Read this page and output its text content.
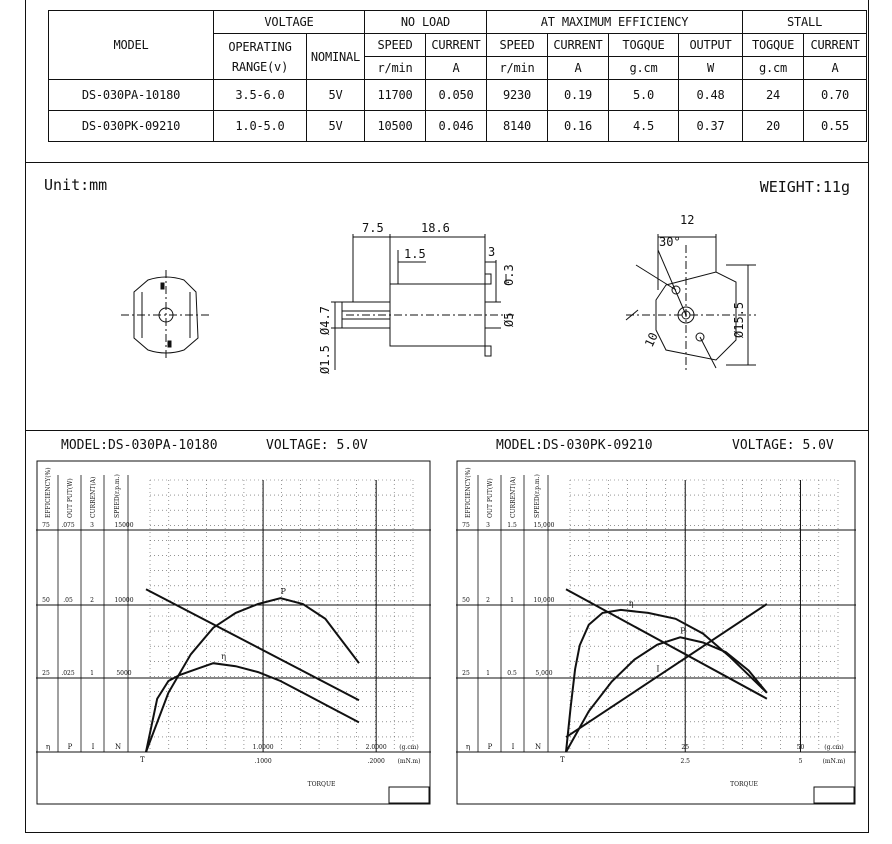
MODEL	VOLTAGE		NO LOAD		AT MAXIMUM EFFICIENCY				STALL	
	OPERATING RANGE(v)	NOMINAL	SPEED	CURRENT	SPEED	CURRENT	TOGQUE	OUTPUT	TOGQUE	CURRENT
			r/min	A	r/min	A	g.cm	W	g.cm	A
DS-030PA-10180	3.5-6.0	5V	11700	0.050	9230	0.19	5.0	0.48	24	0.70
DS-030PK-09210	1.0-5.0	5V	10500	0.046	8140	0.16	4.5	0.37	20	0.55
Unit:mm	WEIGHT:11g
7.5	18.6
1.5	3
0.3
Ø4.7
Ø1.5
Ø5
12
30°
10
Ø15.5
MODEL:DS-030PA-10180	VOLTAGE: 5.0V	MODEL:DS-030PK-09210	VOLTAGE: 5.0V
EFFICIENCY(%)	OUT PUT(W)	CURRENT(A)	SPEED(r.p.m.)
75 .075	3	15000
50 .05	2	10000
25 .025	1	5000
η	P	I	N
T
1.0000	2.0000
.1000	.2000
(g.cm)
(mN.m)
TORQUE
P
η
EFFICIENCY(%)	OUT PUT(W)	CURRENT(A)	SPEED(r.p.m.)
75	3	1.5	15,000
50	2	1	10,000
25	1	0.5	5,000
η	P	I	N
T
25	50
2.5	5
(g.cm)
(mN.m)
TORQUE
P
η
I
